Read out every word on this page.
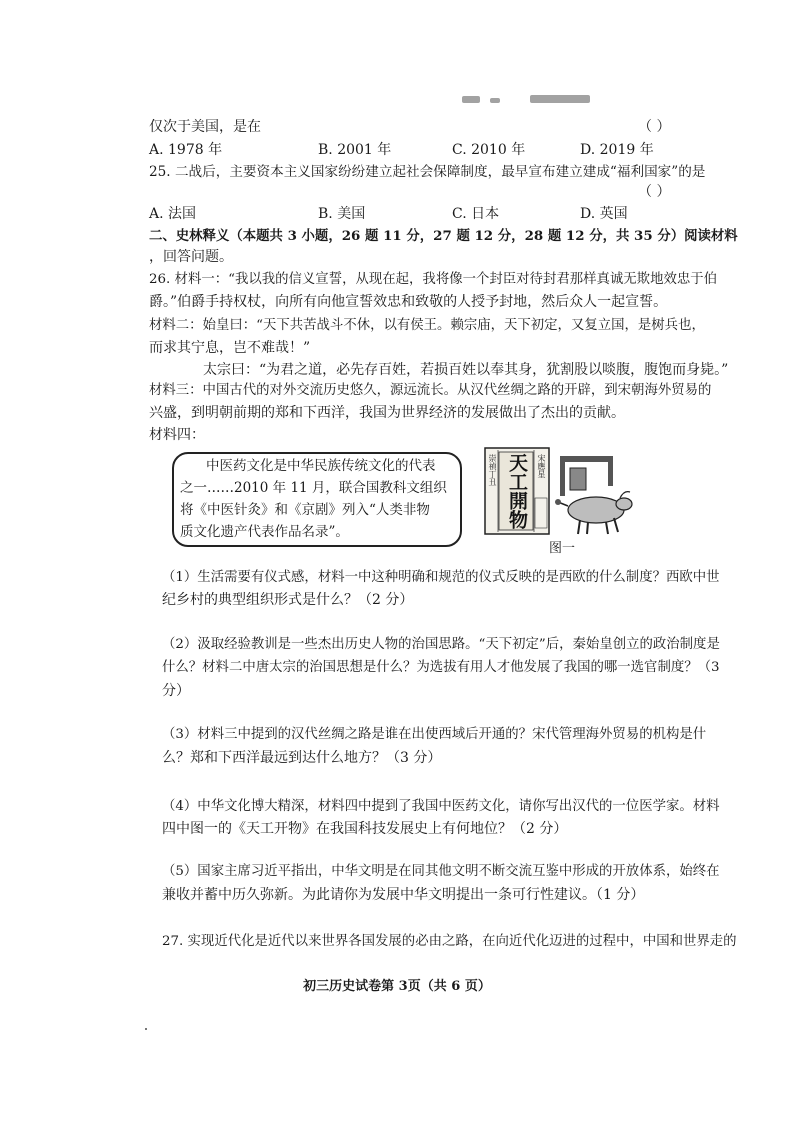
仅次于美国，是在	（ ）
A. 1978 年	B. 2001 年	C. 2010 年	D. 2019 年
25. 二战后，主要资本主义国家纷纷建立起社会保障制度，最早宣布建立建成“福利国家”的是
（ ）
A. 法国	B. 美国	C. 日本	D. 英国
二、史林释义（本题共 3 小题，26 题 11 分，27 题 12 分，28 题 12 分，共 35 分）阅读材料
，回答问题。
26. 材料一：“我以我的信义宣誓，从现在起，我将像一个封臣对待封君那样真诚无欺地效忠于伯
爵。”伯爵手持权杖，向所有向他宣誓效忠和致敬的人授予封地，然后众人一起宣誓。
材料二：始皇曰：“天下共苦战斗不休，以有侯王。赖宗庙，天下初定，又复立国，是树兵也，
而求其宁息，岂不难哉！”
太宗曰：“为君之道，必先存百姓，若损百姓以奉其身，犹割股以啖腹，腹饱而身毙。”
材料三：中国古代的对外交流历史悠久，源远流长。从汉代丝绸之路的开辟，到宋朝海外贸易的
兴盛，到明朝前期的郑和下西洋，我国为世界经济的发展做出了杰出的贡献。
材料四：
中医药文化是中华民族传统文化的代表
之一……2010 年 11 月，联合国教科文组织
将《中医针灸》和《京剧》列入“人类非物
质文化遗产代表作品名录”。
崇禎丁丑 天工開物	宋應星
图一
（1）生活需要有仪式感，材料一中这种明确和规范的仪式反映的是西欧的什么制度？西欧中世
纪乡村的典型组织形式是什么？（2 分）
（2）汲取经验教训是一些杰出历史人物的治国思路。“天下初定”后，秦始皇创立的政治制度是
什么？材料二中唐太宗的治国思想是什么？为选拔有用人才他发展了我国的哪一选官制度？（3
分）
（3）材料三中提到的汉代丝绸之路是谁在出使西域后开通的？宋代管理海外贸易的机构是什
么？郑和下西洋最远到达什么地方？（3 分）
（4）中华文化博大精深，材料四中提到了我国中医药文化，请你写出汉代的一位医学家。材料
四中图一的《天工开物》在我国科技发展史上有何地位？（2 分）
（5）国家主席习近平指出，中华文明是在同其他文明不断交流互鉴中形成的开放体系，始终在
兼收并蓄中历久弥新。为此请你为发展中华文明提出一条可行性建议。（1 分）
27. 实现近代化是近代以来世界各国发展的必由之路，在向近代化迈进的过程中，中国和世界走的
初三历史试卷第 3页（共 6 页）
